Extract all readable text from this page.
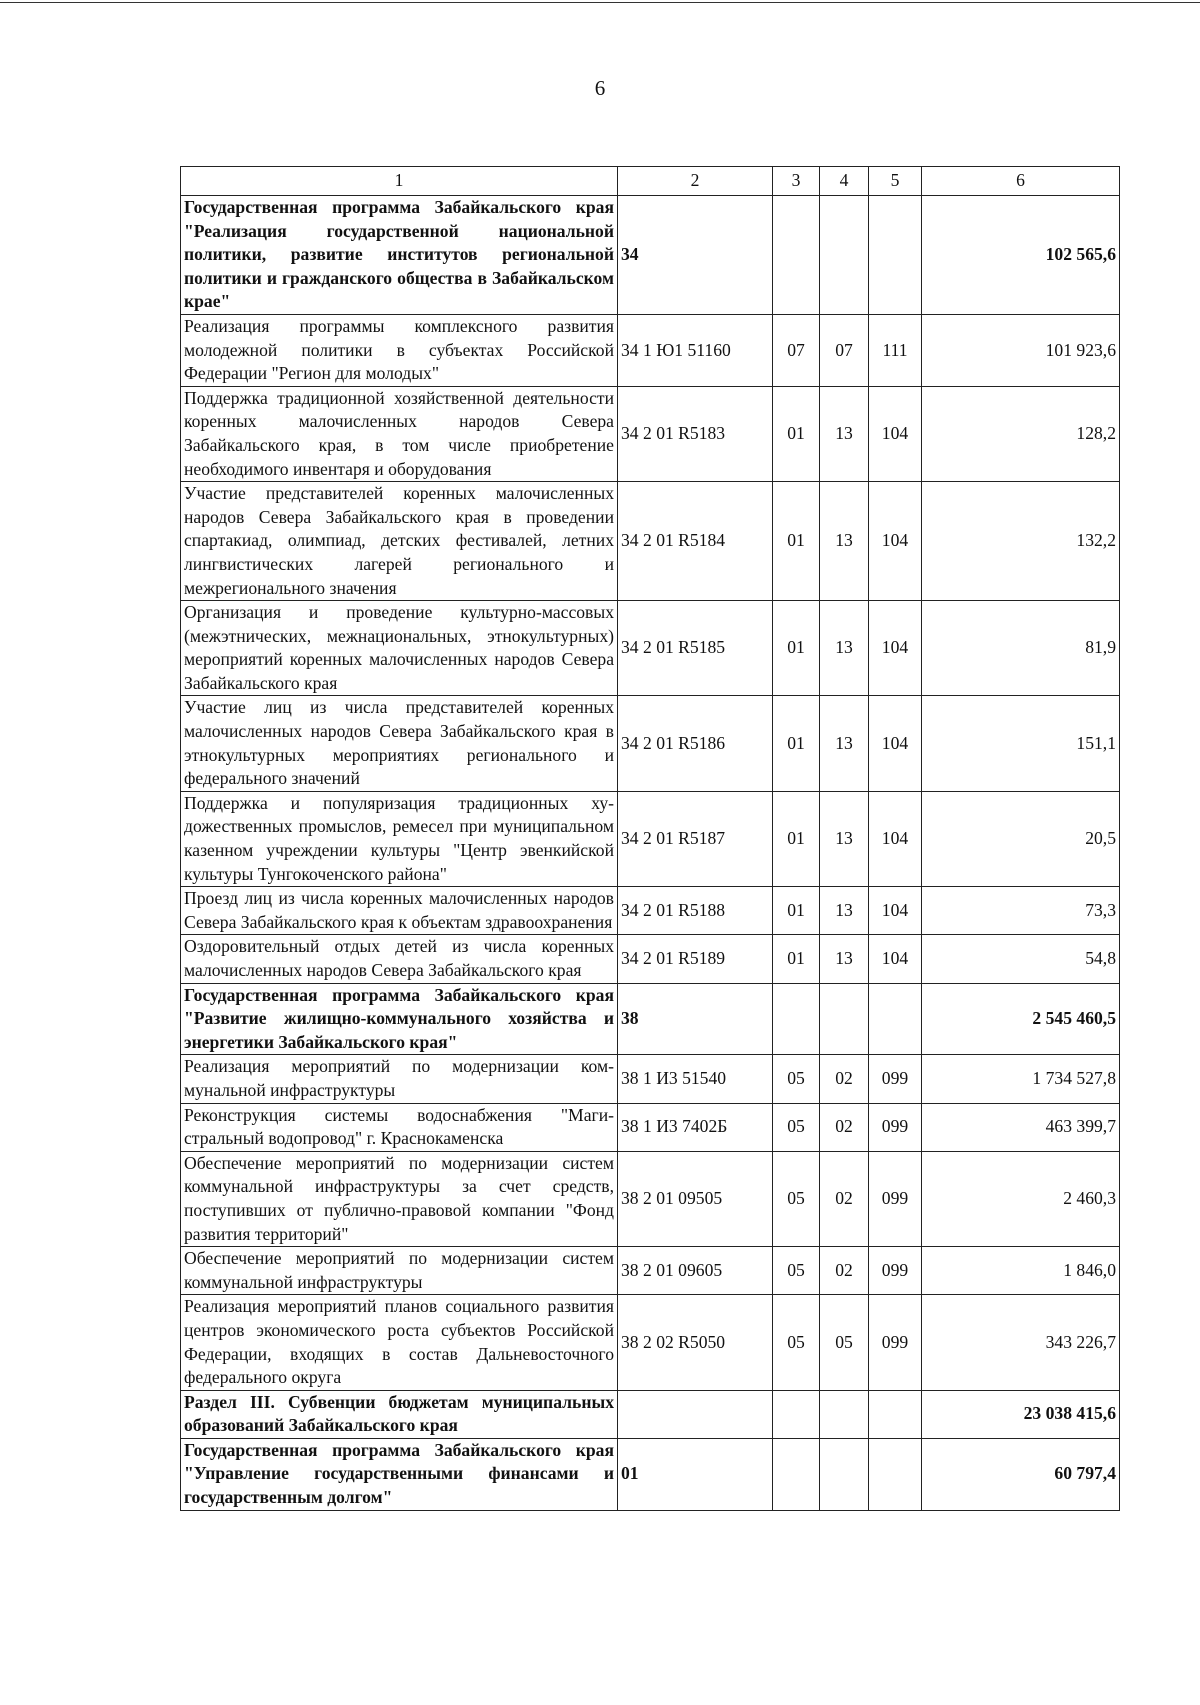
6
1	2	3	4	5	6
Государственная программа Забайкальского края "Реализация государственной национальной политики, развитие институтов региональной политики и гражданского общества в Забайкальском крае"	34				102 565,6
Реализация программы комплексного развития молодежной политики в субъектах Российской Федерации "Регион для молодых"	34 1 Ю1 51160	07	07	111	101 923,6
Поддержка традиционной хозяйственной деятельности коренных малочисленных народов Севера Забайкальского края, в том числе приобретение необходимого инвентаря и оборудования	34 2 01 R5183	01	13	104	128,2
Участие представителей коренных малочисленных народов Севера Забайкальского края в проведении спартакиад, олимпиад, детских фестивалей, летних лингвистических лагерей регионального и межрегионального значения	34 2 01 R5184	01	13	104	132,2
Организация и проведение культурно-массовых (межэтнических, межнациональных, этнокультурных) мероприятий коренных малочисленных народов Севера Забайкальского края	34 2 01 R5185	01	13	104	81,9
Участие лиц из числа представителей коренных малочисленных народов Севера Забайкальского края в этнокультурных мероприятиях регионального и федерального значений	34 2 01 R5186	01	13	104	151,1
Поддержка и популяризация традиционных художественных промыслов, ремесел при муниципальном казенном учреждении культуры "Центр эвенкийской культуры Тунгокоченского района"	34 2 01 R5187	01	13	104	20,5
Проезд лиц из числа коренных малочисленных народов Севера Забайкальского края к объектам здравоохранения	34 2 01 R5188	01	13	104	73,3
Оздоровительный отдых детей из числа коренных малочисленных народов Севера Забайкальского края	34 2 01 R5189	01	13	104	54,8
Государственная программа Забайкальского края "Развитие жилищно-коммунального хозяйства и энергетики Забайкальского края"	38				2 545 460,5
Реализация мероприятий по модернизации коммунальной инфраструктуры	38 1 И3 51540	05	02	099	1 734 527,8
Реконструкция системы водоснабжения "Магистральный водопровод" г. Краснокаменска	38 1 И3 7402Б	05	02	099	463 399,7
Обеспечение мероприятий по модернизации систем коммунальной инфраструктуры за счет средств, поступивших от публично-правовой компании "Фонд развития территорий"	38 2 01 09505	05	02	099	2 460,3
Обеспечение мероприятий по модернизации систем коммунальной инфраструктуры	38 2 01 09605	05	02	099	1 846,0
Реализация мероприятий планов социального развития центров экономического роста субъектов Российской Федерации, входящих в состав Дальневосточного федерального округа	38 2 02 R5050	05	05	099	343 226,7
Раздел III. Субвенции бюджетам муниципальных образований Забайкальского края					23 038 415,6
Государственная программа Забайкальского края "Управление государственными финансами и государственным долгом"	01				60 797,4
